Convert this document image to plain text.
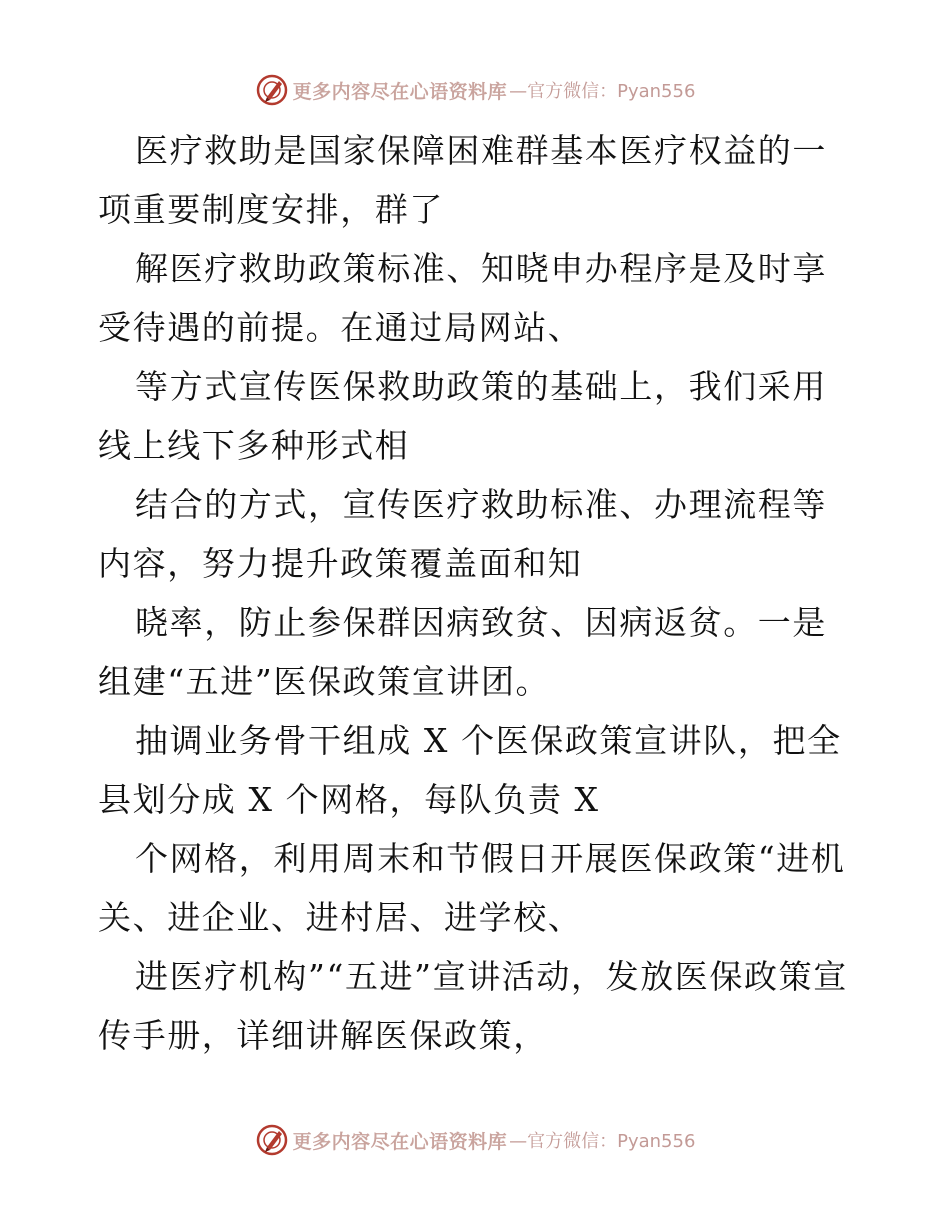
更多内容尽在心语资料库 —官方微信：Pyan556

医疗救助是国家保障困难群基本医疗权益的一项重要制度安排，群了

解医疗救助政策标准、知晓申办程序是及时享受待遇的前提。在通过局网站、

等方式宣传医保救助政策的基础上，我们采用线上线下多种形式相

结合的方式，宣传医疗救助标准、办理流程等内容，努力提升政策覆盖面和知

晓率，防止参保群因病致贫、因病返贫。一是组建“五进”医保政策宣讲团。

抽调业务骨干组成 X 个医保政策宣讲队，把全县划分成 X 个网格，每队负责 X

个网格，利用周末和节假日开展医保政策“进机关、进企业、进村居、进学校、

进医疗机构”“五进”宣讲活动，发放医保政策宣传手册，详细讲解医保政策，

更多内容尽在心语资料库 —官方微信：Pyan556
